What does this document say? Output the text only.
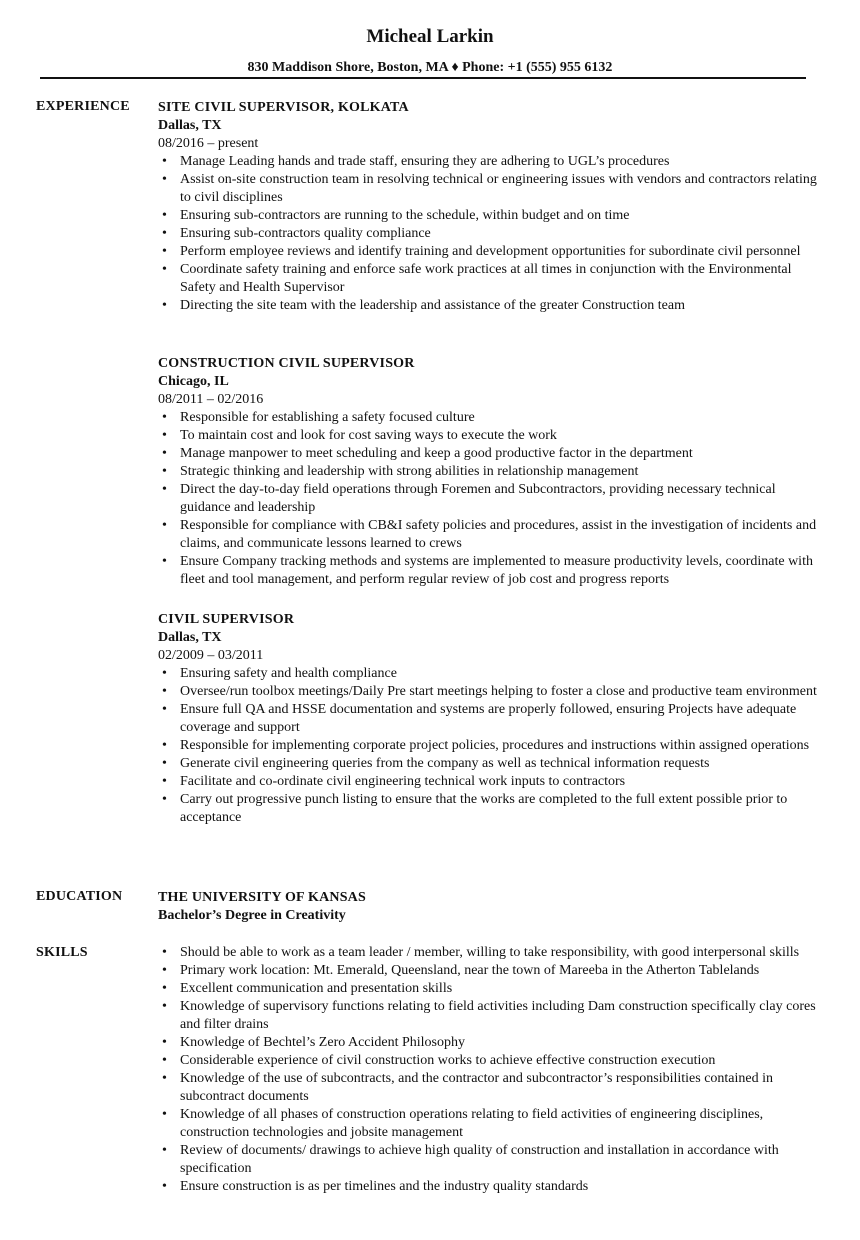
Micheal Larkin
830 Maddison Shore, Boston, MA ♦ Phone: +1 (555) 955 6132
EXPERIENCE SITE CIVIL SUPERVISOR, KOLKATA
Dallas, TX
08/2016 – present
• Manage Leading hands and trade staff, ensuring they are adhering to UGL’s procedures
• Assist on-site construction team in resolving technical or engineering issues with vendors and contractors relating to civil disciplines
• Ensuring sub-contractors are running to the schedule, within budget and on time
• Ensuring sub-contractors quality compliance
• Perform employee reviews and identify training and development opportunities for subordinate civil personnel
• Coordinate safety training and enforce safe work practices at all times in conjunction with the Environmental Safety and Health Supervisor
• Directing the site team with the leadership and assistance of the greater Construction team
CONSTRUCTION CIVIL SUPERVISOR
Chicago, IL
08/2011 – 02/2016
• Responsible for establishing a safety focused culture
• To maintain cost and look for cost saving ways to execute the work
• Manage manpower to meet scheduling and keep a good productive factor in the department
• Strategic thinking and leadership with strong abilities in relationship management
• Direct the day-to-day field operations through Foremen and Subcontractors, providing necessary technical guidance and leadership
• Responsible for compliance with CB&I safety policies and procedures, assist in the investigation of incidents and claims, and communicate lessons learned to crews
• Ensure Company tracking methods and systems are implemented to measure productivity levels, coordinate with fleet and tool management, and perform regular review of job cost and progress reports
CIVIL SUPERVISOR
Dallas, TX
02/2009 – 03/2011
• Ensuring safety and health compliance
• Oversee/run toolbox meetings/Daily Pre start meetings helping to foster a close and productive team environment
• Ensure full QA and HSSE documentation and systems are properly followed, ensuring Projects have adequate coverage and support
• Responsible for implementing corporate project policies, procedures and instructions within assigned operations
• Generate civil engineering queries from the company as well as technical information requests
• Facilitate and co-ordinate civil engineering technical work inputs to contractors
• Carry out progressive punch listing to ensure that the works are completed to the full extent possible prior to acceptance
EDUCATION	THE UNIVERSITY OF KANSAS
Bachelor’s Degree in Creativity
SKILLS
•	Should be able to work as a team leader / member, willing to take responsibility, with good interpersonal skills
• Primary work location: Mt. Emerald, Queensland, near the town of Mareeba in the Atherton Tablelands
• Excellent communication and presentation skills
• Knowledge of supervisory functions relating to field activities including Dam construction specifically clay cores and filter drains
• Knowledge of Bechtel’s Zero Accident Philosophy
• Considerable experience of civil construction works to achieve effective construction execution
• Knowledge of the use of subcontracts, and the contractor and subcontractor’s responsibilities contained in subcontract documents
• Knowledge of all phases of construction operations relating to field activities of engineering disciplines, construction technologies and jobsite management
• Review of documents/ drawings to achieve high quality of construction and installation in accordance with specification
• Ensure construction is as per timelines and the industry quality standards
